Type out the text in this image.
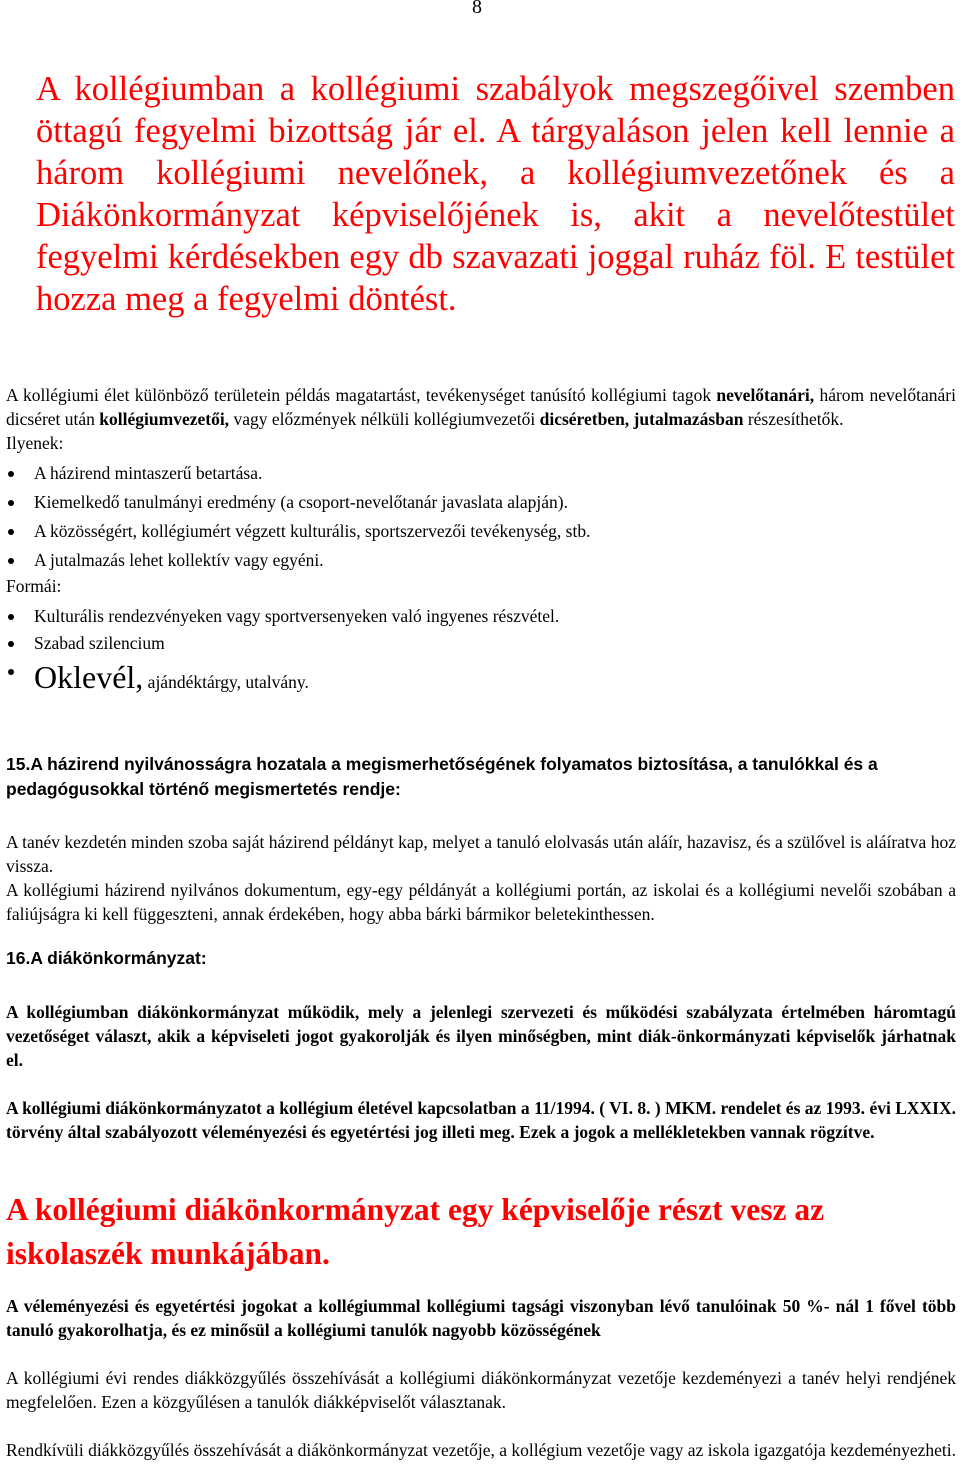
8

A kollégiumban a kollégiumi szabályok megszegőivel szemben öttagú fegyelmi bizottság jár el. A tárgyaláson jelen kell lennie a három kollégiumi nevelőnek, a kollégiumvezetőnek és a Diákönkormányzat képviselőjének is, akit a nevelőtestület fegyelmi kérdésekben egy db szavazati joggal ruház föl. E testület hozza meg a fegyelmi döntést.

A kollégiumi élet különböző területein példás magatartást, tevékenységet tanúsító kollégiumi tagok nevelőtanári, három nevelőtanári dicséret után kollégiumvezetői, vagy előzmények nélküli kollégiumvezetői dicséretben, jutalmazásban részesíthetők.

Ilyenek:

A házirend mintaszerű betartása.
Kiemelkedő tanulmányi eredmény (a csoport-nevelőtanár javaslata alapján).
A közösségért, kollégiumért végzett kulturális, sportszervezői tevékenység, stb.
A jutalmazás lehet kollektív vagy egyéni.

Formái:

Kulturális rendezvényeken vagy sportversenyeken való ingyenes részvétel.
Szabad szilencium
Oklevél, ajándéktárgy, utalvány.
15.A házirend nyilvánosságra hozatala a megismerhetőségének folyamatos biztosítása, a tanulókkal és a pedagógusokkal történő megismertetés rendje:

A tanév kezdetén minden szoba saját házirend példányt kap, melyet a tanuló elolvasás után aláír, hazavisz, és a szülővel is aláíratva hoz vissza.

A kollégiumi házirend nyilvános dokumentum, egy-egy példányát a kollégiumi portán, az iskolai és a kollégiumi nevelői szobában a faliújságra ki kell függeszteni, annak érdekében, hogy abba bárki bármikor beletekinthessen.

16.A diákönkormányzat:

A kollégiumban diákönkormányzat működik, mely a jelenlegi szervezeti és működési szabályzata értelmében háromtagú vezetőséget választ, akik a képviseleti jogot gyakorolják és ilyen minőségben, mint diák-önkormányzati képviselők járhatnak el.

A kollégiumi diákönkormányzatot a kollégium életével kapcsolatban a 11/1994. ( VI. 8. ) MKM. rendelet és az 1993. évi LXXIX. törvény által szabályozott véleményezési és egyetértési jog illeti meg. Ezek a jogok a mellékletekben vannak rögzítve.

A kollégiumi diákönkormányzat egy képviselője részt vesz az iskolaszék munkájában.

A véleményezési és egyetértési jogokat a kollégiummal kollégiumi tagsági viszonyban lévő tanulóinak 50 %- nál 1 fővel több tanuló gyakorolhatja, és ez minősül a kollégiumi tanulók nagyobb közösségének

A kollégiumi évi rendes diákközgyűlés összehívását a kollégiumi diákönkormányzat vezetője kezdeményezi a tanév helyi rendjének megfelelően. Ezen a közgyűlésen a tanulók diákképviselőt választanak.

Rendkívüli diákközgyűlés összehívását a diákönkormányzat vezetője, a kollégium vezetője vagy az iskola igazgatója kezdeményezheti.
